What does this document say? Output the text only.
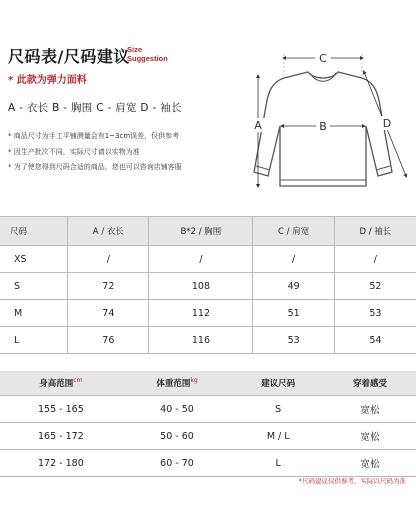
尺码表/尺码建议
Size
Suggestion
* 此款为弹力面料
A - 衣长 B - 胸围 C - 肩宽 D - 袖长
* 商品尺寸为手工平铺测量会有1~3cm误差，仅供参考
* 因生产批次不同，实际尺寸请以实物为准
* 为了使您得到尺码合适的商品，您也可以咨询店铺客服
C
A	B	D
尺码	A / 衣长	B*2 / 胸围	C / 肩宽	D / 袖长
XS	/	/	/	/
S	72	108	49	52
M	74	112	51	53
L	76	116	53	54
身高范围$^{cm}$	体重范围$^{kg}$	建议尺码	穿着感受
155 - 165	40 - 50	S	宽松
165 - 172	50 - 60	M / L	宽松
172 - 180	60 - 70	L	宽松
*尺码建议仅供参考，实际以尺码为准
